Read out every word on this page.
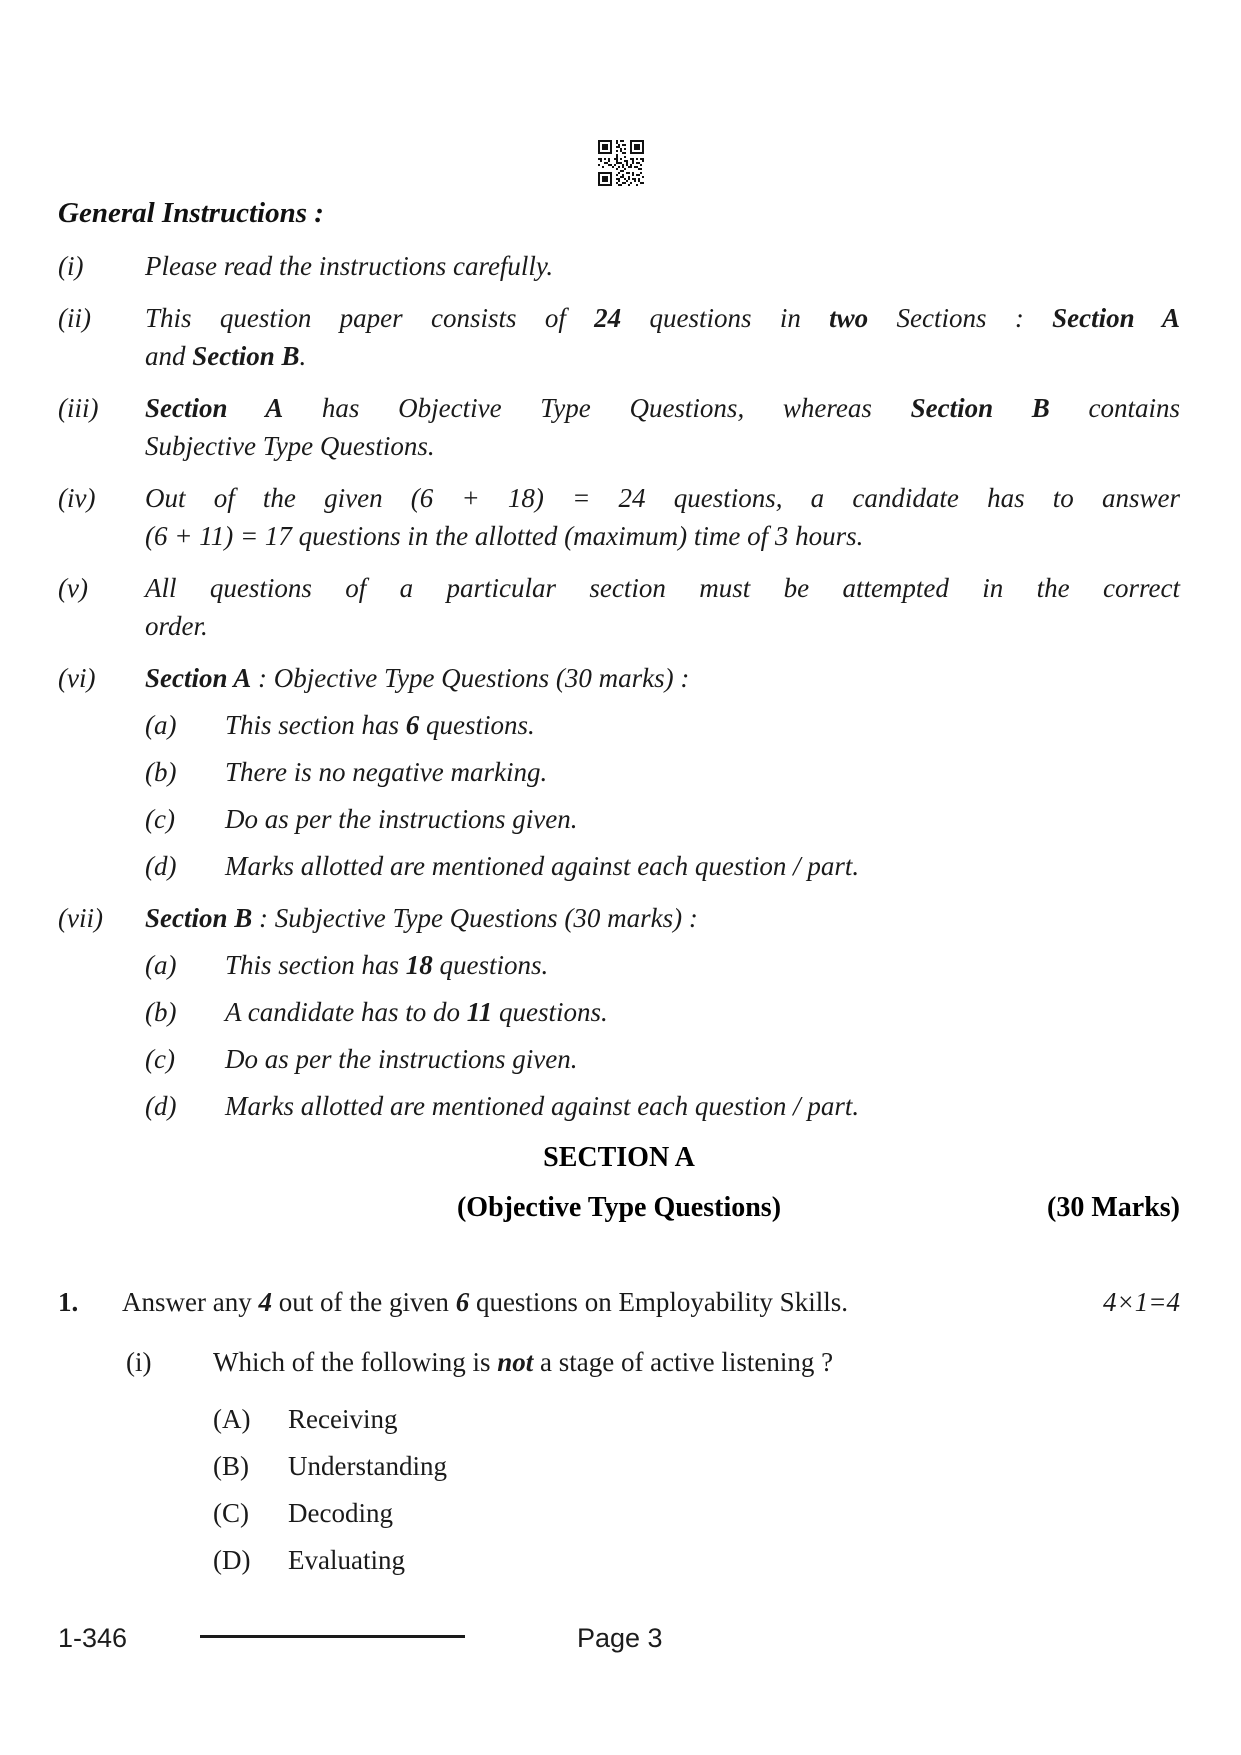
General Instructions :
(i)	Please read the instructions carefully.
(ii)	This question paper consists of 24 questions in two Sections : Section A
and Section B.
(iii)	Section A has Objective Type Questions, whereas Section B contains
Subjective Type Questions.
(iv)	Out of the given (6 + 18) = 24 questions, a candidate has to answer
(6 + 11) = 17 questions in the allotted (maximum) time of 3 hours.
(v)	All questions of a particular section must be attempted in the correct
order.
(vi)	Section A : Objective Type Questions (30 marks) :
(a)	This section has 6 questions.
(b)	There is no negative marking.
(c)	Do as per the instructions given.
(d)	Marks allotted are mentioned against each question / part.
(vii)	Section B : Subjective Type Questions (30 marks) :
(a)	This section has 18 questions.
(b)	A candidate has to do 11 questions.
(c)	Do as per the instructions given.
(d)	Marks allotted are mentioned against each question / part.
SECTION A
(Objective Type Questions)	(30 Marks)
1.	Answer any 4 out of the given 6 questions on Employability Skills.	4×1=4
(i)	Which of the following is not a stage of active listening ?
(A)	Receiving
(B)	Understanding
(C)	Decoding
(D)	Evaluating
1-346	Page 3
